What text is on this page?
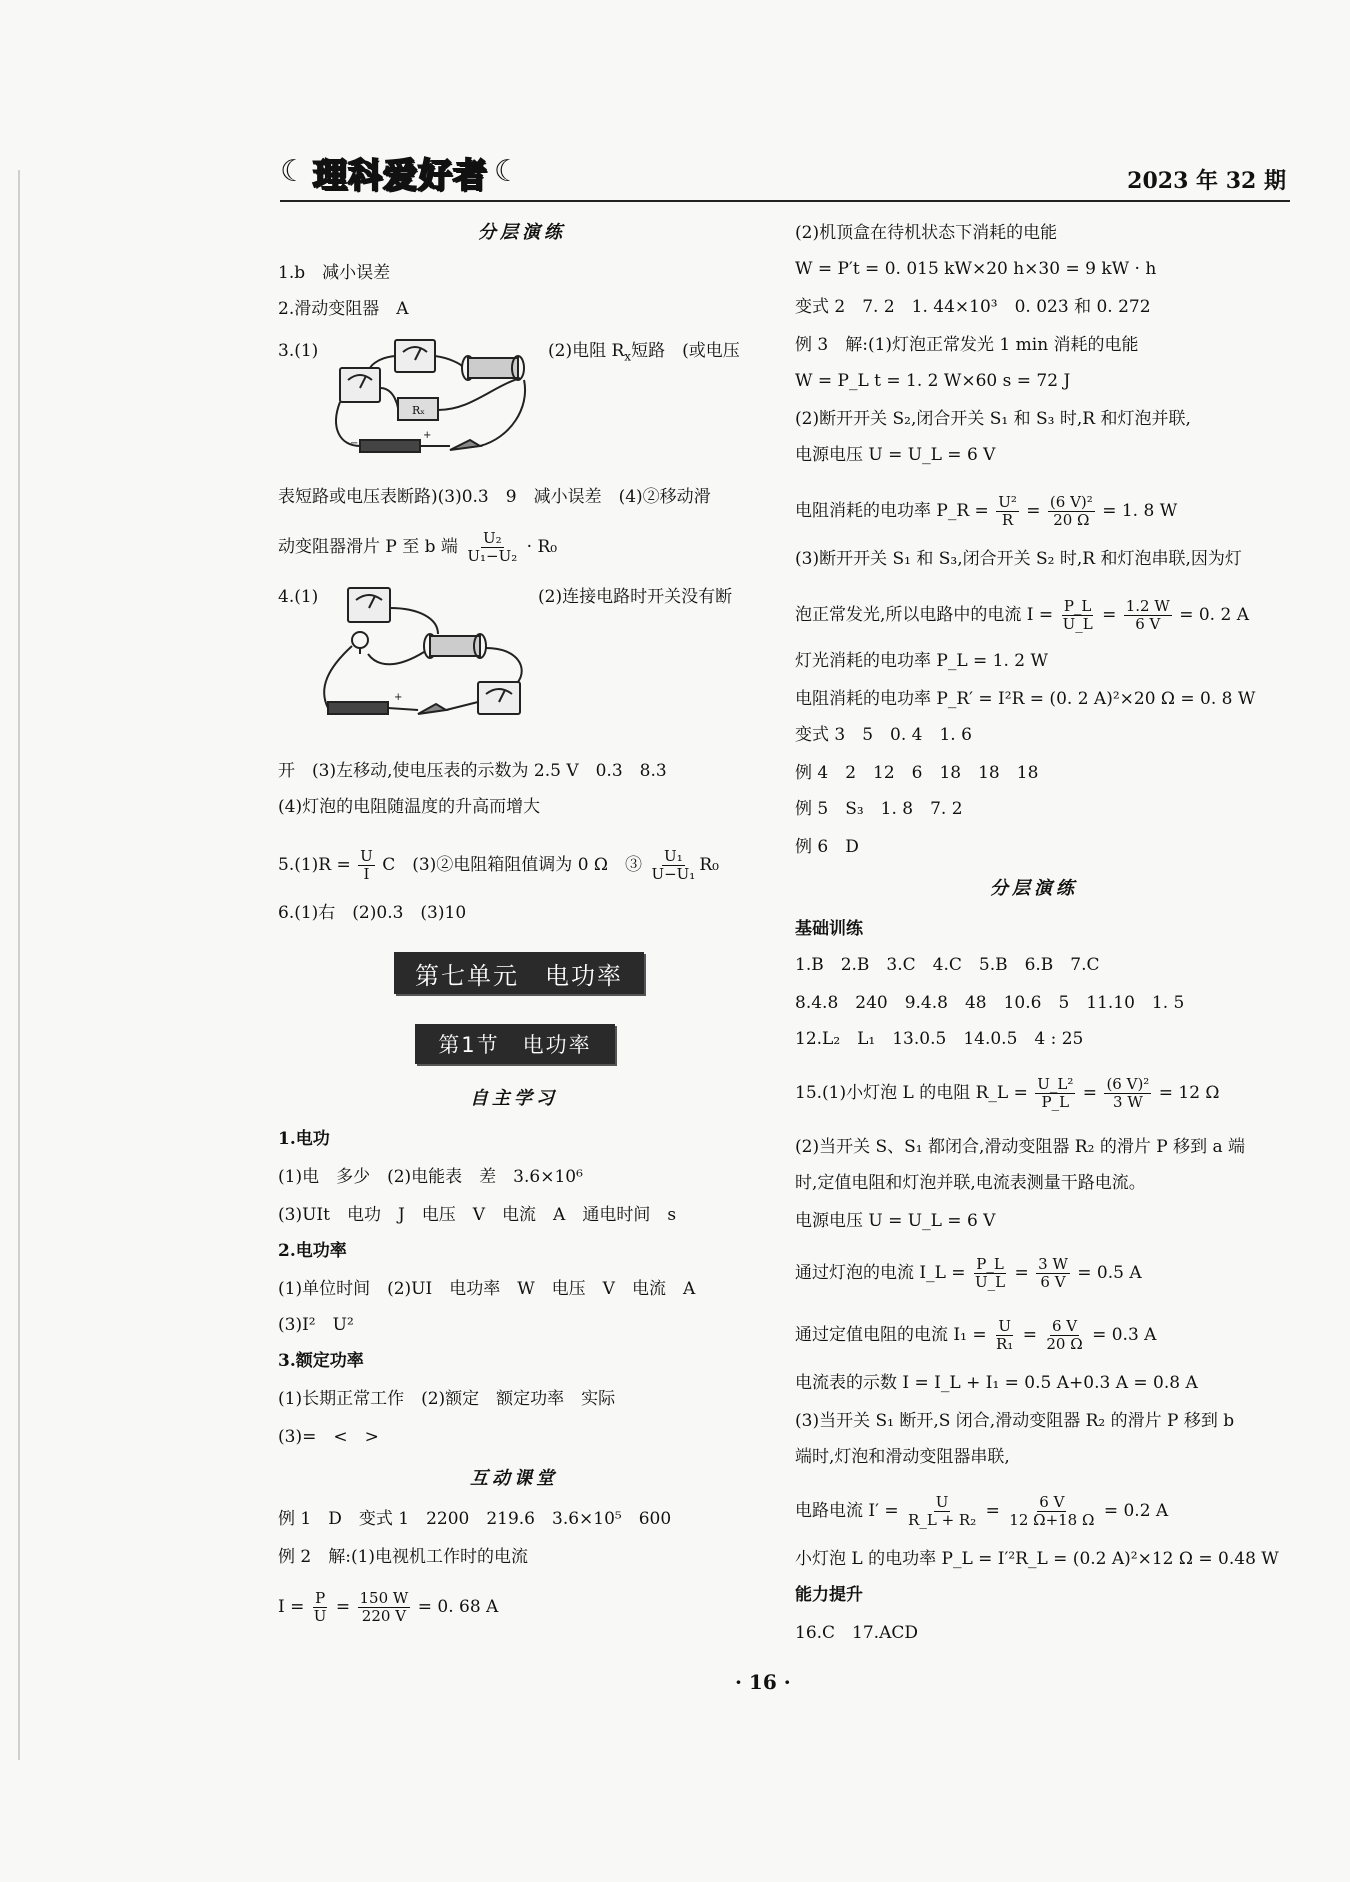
☾ 理科爱好者 ☾	2023 年 32 期
分层演练
1.b　减小误差
2.滑动变阻器　A
3.(1)	(2)电阻 $R_x$短路　(或电压
Rₓ
−
+
表短路或电压表断路)(3)0.3　9　减小误差　(4)②移动滑
动变阻器滑片 P 至 b 端 $\frac{\text{U₂}}{\text{U₁−U₂}} \cdot R_0$
4.(1)	(2)连接电路时开关没有断
+
开　(3)左移动,使电压表的示数为 2.5 V　0.3　8.3
(4)灯泡的电阻随温度的升高而增大
$5.(1)R = \frac{U}{I}$ C　(3)②电阻箱阻值调为 0 Ω　③ $\frac{\text{U₁}}{\text{U−U₁}} R_0$
6.(1)右　(2)0.3　(3)10
第七单元　电功率
第1节　电功率
自主学习
1.电功
(1)电　多少　(2)电能表　差　3.6×10⁶
(3)UIt　电功　J　电压　V　电流　A　通电时间　s
2.电功率
(1)单位时间　(2)UI　电功率　W　电压　V　电流　A
(3)I²　U²
3.额定功率
(1)长期正常工作　(2)额定　额定功率　实际
(3)=　<　>
互动课堂
例 1　D　变式 1　2200　219.6　3.6×10⁵　600
例 2　解:(1)电视机工作时的电流
$I = \frac{P}{U} = \frac{150 W}{220 V} = 0$. 68 A
(2)机顶盒在待机状态下消耗的电能
W = P′t = 0. 015 kW×20 h×30 = 9 kW · h
变式 2　7. 2　1. 44×10³　0. 023 和 0. 272
例 3　解:(1)灯泡正常发光 1 min 消耗的电能
W = P_L t = 1. 2 W×60 s = 72 J
(2)断开开关 S₂,闭合开关 S₁ 和 S₃ 时,R 和灯泡并联,
电源电压 U = U_L = 6 V
电阻消耗的电功率 P_R = $\frac{\text{U²}}{R} = \frac{\text{(6 V)²}}{20 \Omega} = 1$. 8 W
(3)断开开关 S₁ 和 S₃,闭合开关 S₂ 时,R 和灯泡串联,因为灯
泡正常发光,所以电路中的电流 $I = \frac{P\_L}{U\_L} = \frac{1.2 W}{6 V} = 0$. 2 A
灯光消耗的电功率 P_L = 1. 2 W
电阻消耗的电功率 P_R′ = I²R = (0. 2 A)²×20 Ω = 0. 8 W
变式 3　5　0. 4　1. 6
例 4　2　12　6　18　18　18
例 5　S₃　1. 8　7. 2
例 6　D
分层演练
基础训练
1.B　2.B　3.C　4.C　5.B　6.B　7.C
8.4.8　240　9.4.8　48　10.6　5　11.10　1. 5
12.L₂　L₁　13.0.5　14.0.5　4 : 25
15.(1)小灯泡 L 的电阻 R_L = $\frac{\text{U\_L²}}{P\_L} = \frac{\text{(6 V)²}}{3 W} = 12$ Ω
(2)当开关 S、S₁ 都闭合,滑动变阻器 R₂ 的滑片 P 移到 a 端
时,定值电阻和灯泡并联,电流表测量干路电流。
电源电压 U = U_L = 6 V
通过灯泡的电流 I_L = $\frac{P\_L}{U\_L} = \frac{3 W}{6 V} = 0.5$ A
通过定值电阻的电流 $I_1 = \frac{U}{\text{R₁}} = \frac{6 V}{20 \Omega} = 0.3$ A
电流表的示数 I = I_L + I₁ = 0.5 A+0.3 A = 0.8 A
(3)当开关 S₁ 断开,S 闭合,滑动变阻器 R₂ 的滑片 P 移到 b
端时,灯泡和滑动变阻器串联,
电路电流 $I' = \frac{U}{\text{R\_L + R₂}} = \frac{6 V}{12 \Omega+18 \Omega} = 0.2$ A
小灯泡 L 的电功率 P_L = I′²R_L = (0.2 A)²×12 Ω = 0.48 W
能力提升
16.C　17.ACD
· 16 ·
